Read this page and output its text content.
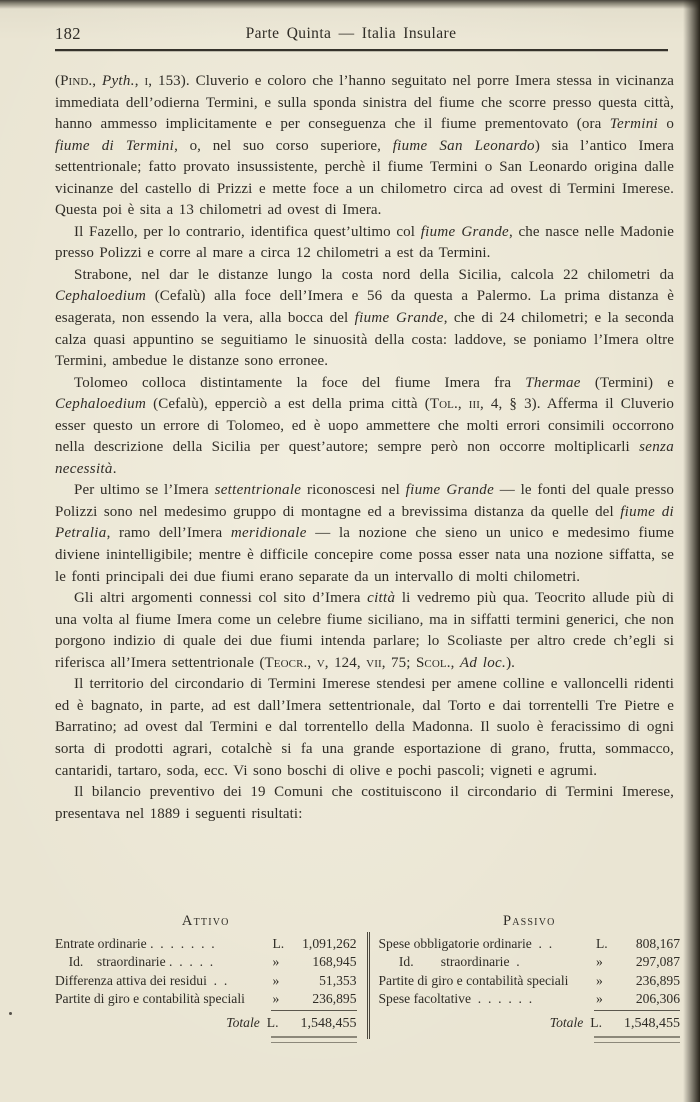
182	Parte Quinta — Italia Insulare

(Pind., Pyth., i, 153). Cluverio e coloro che l’hanno seguitato nel porre Imera stessa in vicinanza immediata dell’odierna Termini, e sulla sponda sinistra del fiume che scorre presso questa città, hanno ammesso implicitamente e per conseguenza che il fiume prementovato (ora Termini o fiume di Termini, o, nel suo corso superiore, fiume San Leonardo) sia l’antico Imera settentrionale; fatto provato insussistente, perchè il fiume Termini o San Leonardo origina dalle vicinanze del castello di Prizzi e mette foce a un chilometro circa ad ovest di Termini Imerese. Questa poi è sita a 13 chilometri ad ovest di Imera.

Il Fazello, per lo contrario, identifica quest’ultimo col fiume Grande, che nasce nelle Madonie presso Polizzi e corre al mare a circa 12 chilometri a est da Termini.

Strabone, nel dar le distanze lungo la costa nord della Sicilia, calcola 22 chilometri da Cephaloedium (Cefalù) alla foce dell’Imera e 56 da questa a Palermo. La prima distanza è esagerata, non essendo la vera, alla bocca del fiume Grande, che di 24 chilometri; e la seconda calza quasi appuntino se seguitiamo le sinuosità della costa: laddove, se poniamo l’Imera oltre Termini, ambedue le distanze sono erronee.

Tolomeo colloca distintamente la foce del fiume Imera fra Thermae (Termini) e Cephaloedium (Cefalù), epperciò a est della prima città (Tol., iii, 4, § 3). Afferma il Cluverio esser questo un errore di Tolomeo, ed è uopo ammettere che molti errori consimili occorrono nella descrizione della Sicilia per quest’autore; sempre però non occorre moltiplicarli senza necessità.

Per ultimo se l’Imera settentrionale riconoscesi nel fiume Grande — le fonti del quale presso Polizzi sono nel medesimo gruppo di montagne ed a brevissima distanza da quelle del fiume di Petralia, ramo dell’Imera meridionale — la nozione che sieno un unico e medesimo fiume diviene inintelligibile; mentre è difficile concepire come possa esser nata una nozione siffatta, se le fonti principali dei due fiumi erano separate da un intervallo di molti chilometri.

Gli altri argomenti connessi col sito d’Imera città li vedremo più qua. Teocrito allude più di una volta al fiume Imera come un celebre fiume siciliano, ma in siffatti termini generici, che non porgono indizio di quale dei due fiumi intenda parlare; lo Scoliaste per altro crede ch’egli si riferisca all’Imera settentrionale (Teocr., v, 124, vii, 75; Scol., Ad loc.).

Il territorio del circondario di Termini Imerese stendesi per amene colline e valloncelli ridenti ed è bagnato, in parte, ad est dall’Imera settentrionale, dal Torto e dai torrentelli Tre Pietre e Barratino; ad ovest dal Termini e dal torrentello della Madonna. Il suolo è feracissimo di ogni sorta di prodotti agrari, cotalchè si fa una grande esportazione di grano, frutta, sommacco, cantaridi, tartaro, soda, ecc. Vi sono boschi di olive e pochi pascoli; vigneti e agrumi.

Il bilancio preventivo dei 19 Comuni che costituiscono il circondario di Termini Imerese, presentava nel 1889 i seguenti risultati:

Attivo
Entrate ordinarie .  .  .  .  .  .  .	L.	1,091,262
  Id.  straordinarie .  .  .  .  .	»	168,945
Differenza attiva dei residui  .  .	»	51,353
Partite di giro e contabilità speciali	»	236,895
Totale L.	1,548,455
Passivo
Spese obbligatorie ordinarie  .  .	L.	808,167
  Id.  straordinarie  .	»	297,087
Partite di giro e contabilità speciali	»	236,895
Spese facoltative  .  .  .  .  .  .	»	206,306
Totale L.	1,548,455
